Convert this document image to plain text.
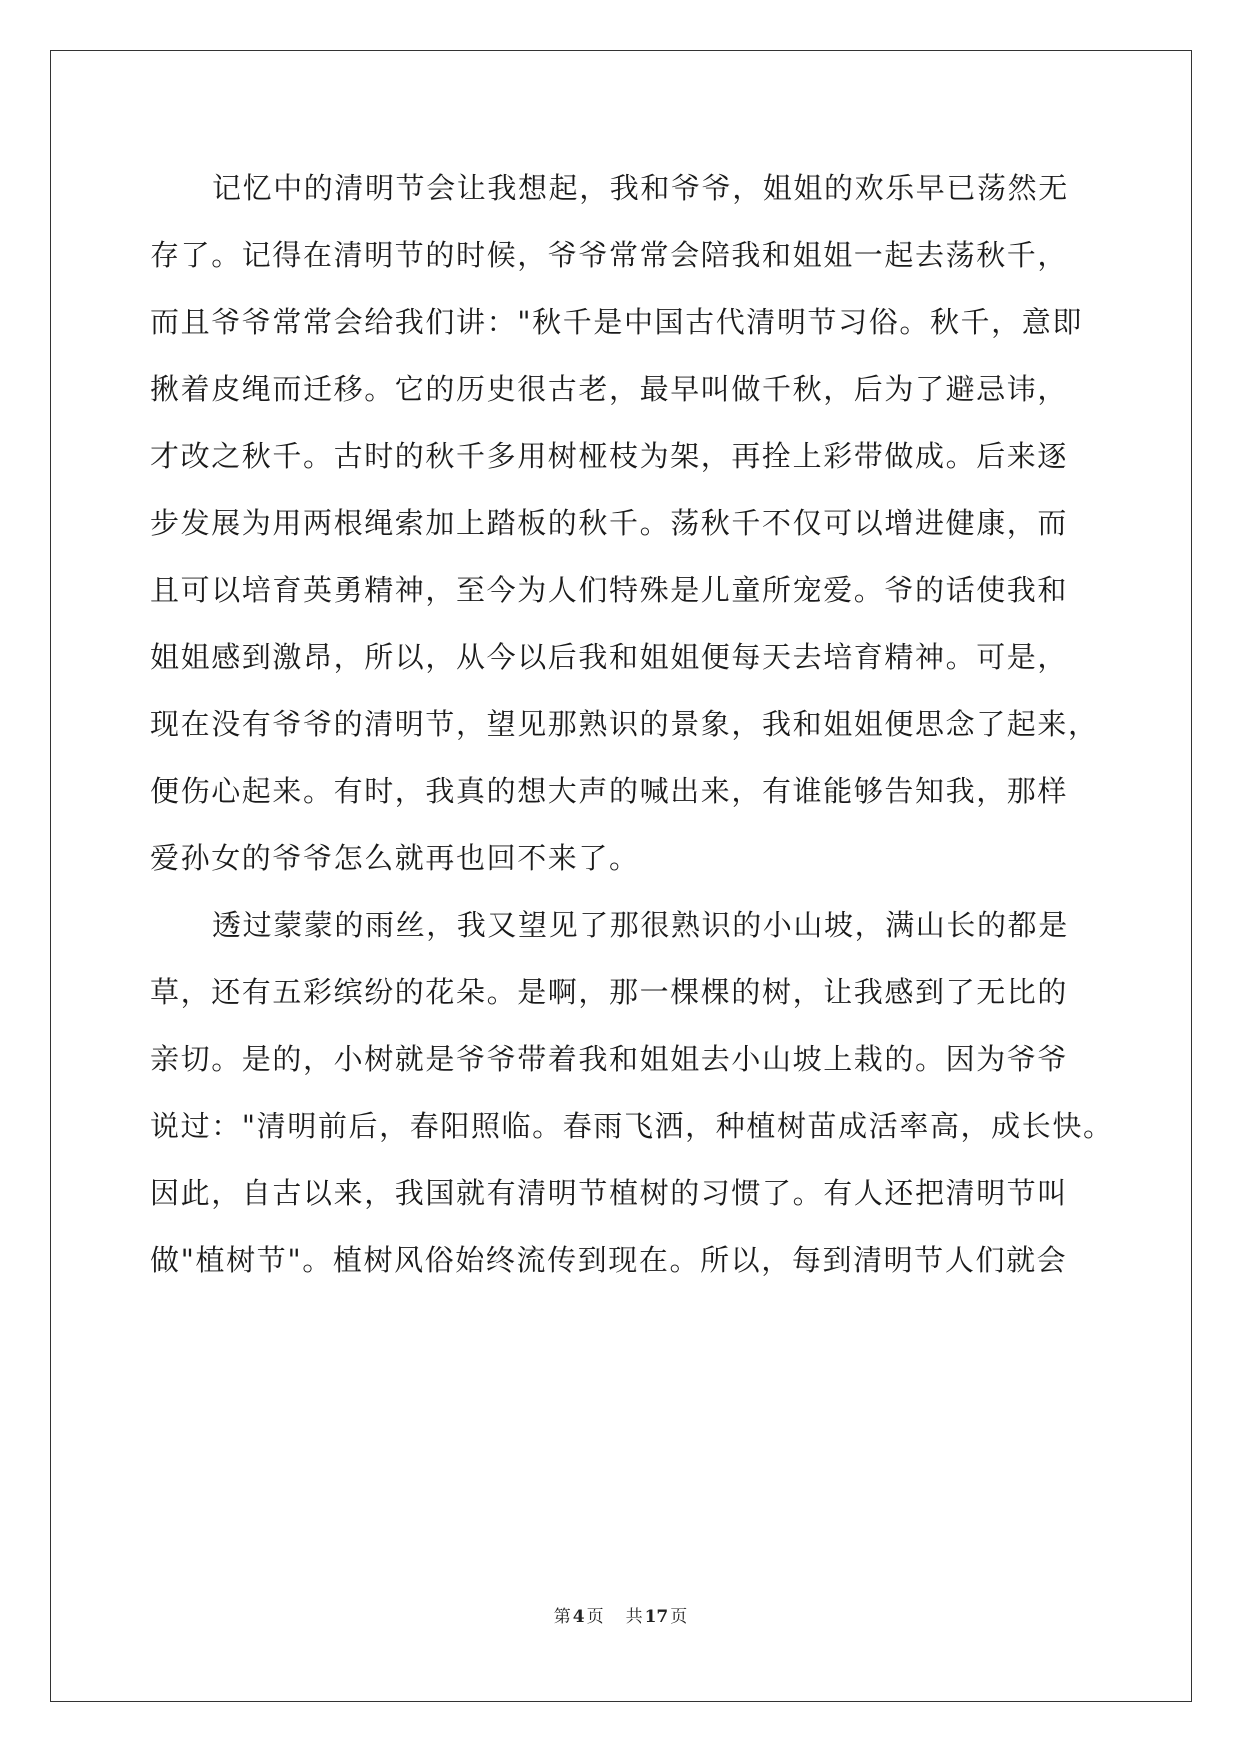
记忆中的清明节会让我想起，我和爷爷，姐姐的欢乐早已荡然无
存了。记得在清明节的时候，爷爷常常会陪我和姐姐一起去荡秋千，
而且爷爷常常会给我们讲："秋千是中国古代清明节习俗。秋千，意即
揪着皮绳而迁移。它的历史很古老，最早叫做千秋，后为了避忌讳，
才改之秋千。古时的秋千多用树桠枝为架，再拴上彩带做成。后来逐
步发展为用两根绳索加上踏板的秋千。荡秋千不仅可以增进健康，而
且可以培育英勇精神，至今为人们特殊是儿童所宠爱。爷的话使我和
姐姐感到激昂，所以，从今以后我和姐姐便每天去培育精神。可是，
现在没有爷爷的清明节，望见那熟识的景象，我和姐姐便思念了起来，
便伤心起来。有时，我真的想大声的喊出来，有谁能够告知我，那样
爱孙女的爷爷怎么就再也回不来了。
透过蒙蒙的雨丝，我又望见了那很熟识的小山坡，满山长的都是
草，还有五彩缤纷的花朵。是啊，那一棵棵的树，让我感到了无比的
亲切。是的，小树就是爷爷带着我和姐姐去小山坡上栽的。因为爷爷
说过："清明前后，春阳照临。春雨飞洒，种植树苗成活率高，成长快。
因此，自古以来，我国就有清明节植树的习惯了。有人还把清明节叫
做"植树节"。植树风俗始终流传到现在。所以，每到清明节人们就会
第 4 页 共 17 页
